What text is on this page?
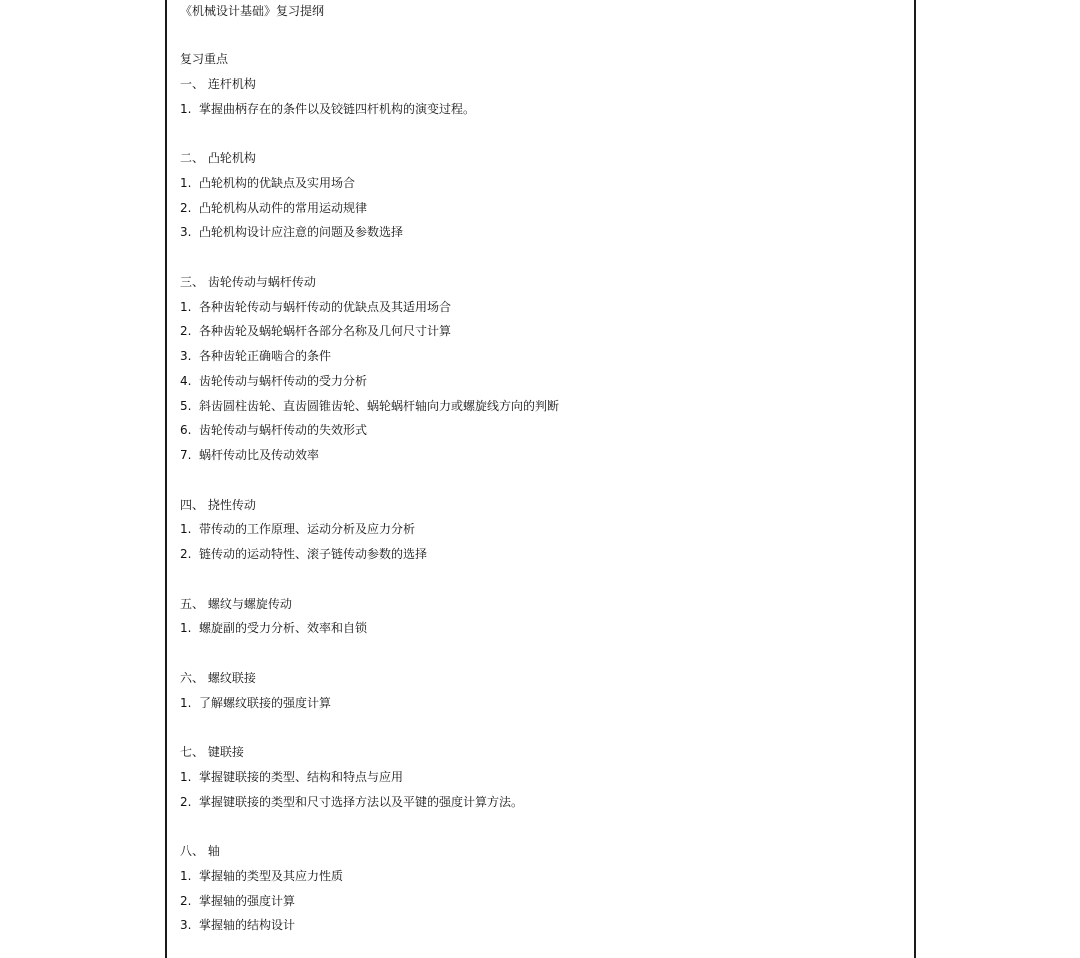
《机械设计基础》复习提纲
复习重点
一、 连杆机构
1. 掌握曲柄存在的条件以及铰链四杆机构的演变过程。
二、 凸轮机构
1. 凸轮机构的优缺点及实用场合
2. 凸轮机构从动件的常用运动规律
3. 凸轮机构设计应注意的问题及参数选择
三、 齿轮传动与蜗杆传动
1. 各种齿轮传动与蜗杆传动的优缺点及其适用场合
2. 各种齿轮及蜗轮蜗杆各部分名称及几何尺寸计算
3. 各种齿轮正确啮合的条件
4. 齿轮传动与蜗杆传动的受力分析
5. 斜齿圆柱齿轮、直齿圆锥齿轮、蜗轮蜗杆轴向力或螺旋线方向的判断
6. 齿轮传动与蜗杆传动的失效形式
7. 蜗杆传动比及传动效率
四、 挠性传动
1. 带传动的工作原理、运动分析及应力分析
2. 链传动的运动特性、滚子链传动参数的选择
五、 螺纹与螺旋传动
1. 螺旋副的受力分析、效率和自锁
六、 螺纹联接
1. 了解螺纹联接的强度计算
七、 键联接
1. 掌握键联接的类型、结构和特点与应用
2. 掌握键联接的类型和尺寸选择方法以及平键的强度计算方法。
八、 轴
1. 掌握轴的类型及其应力性质
2. 掌握轴的强度计算
3. 掌握轴的结构设计
